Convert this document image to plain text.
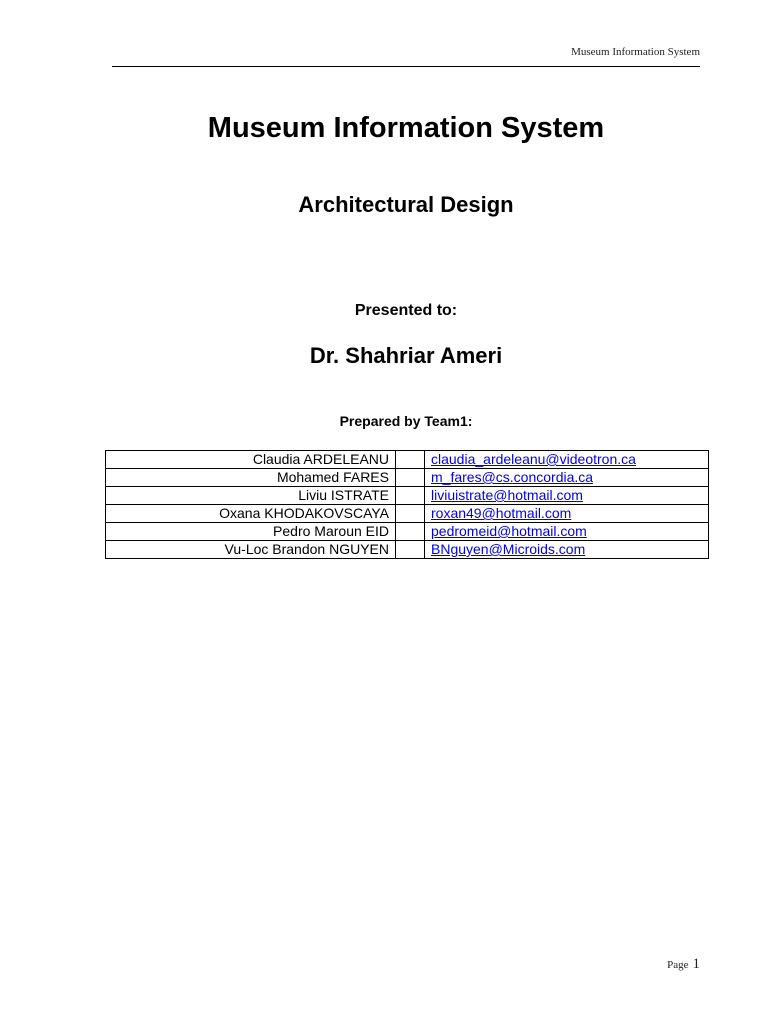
Museum Information System
Museum Information System
Architectural Design
Presented to:
Dr. Shahriar Ameri
Prepared by Team1:
Claudia ARDELEANU		claudia_ardeleanu@videotron.ca
Mohamed FARES		m_fares@cs.concordia.ca
Liviu ISTRATE		liviuistrate@hotmail.com
Oxana KHODAKOVSCAYA		roxan49@hotmail.com
Pedro Maroun EID		pedromeid@hotmail.com
Vu-Loc Brandon NGUYEN		BNguyen@Microids.com
Page 1
